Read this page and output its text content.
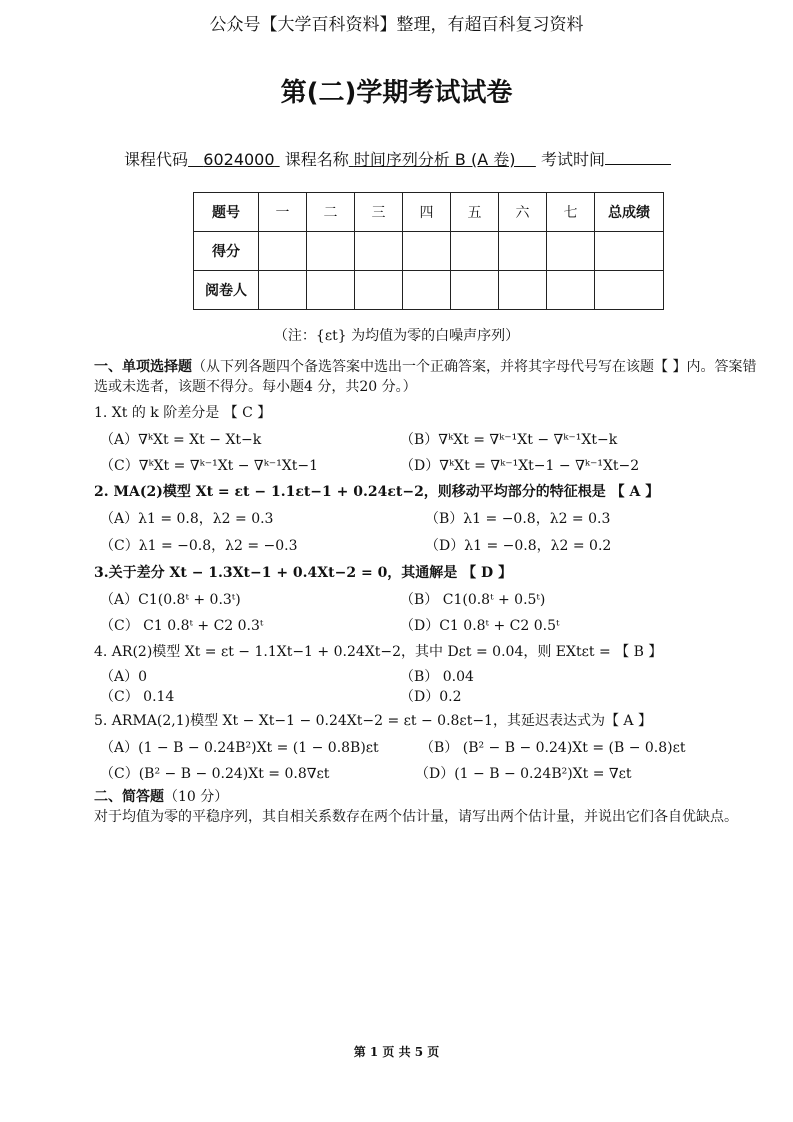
公众号【大学百科资料】整理，有超百科复习资料
第(二)学期考试试卷
课程代码 6024000 课程名称 时间序列分析 B (A 卷) 考试时间
题号	一	二	三	四	五	六	七	总成绩
得分								
阅卷人								
（注：{εt} 为均值为零的白噪声序列）
一、单项选择题（从下列各题四个备选答案中选出一个正确答案，并将其字母代号写在该题【 】内。答案错选或未选者，该题不得分。每小题4 分，共20 分。）
1. Xt 的 k 阶差分是 【 C 】
（A）∇ᵏXt = Xt − Xt−k	（B）∇ᵏXt = ∇ᵏ⁻¹Xt − ∇ᵏ⁻¹Xt−k
（C）∇ᵏXt = ∇ᵏ⁻¹Xt − ∇ᵏ⁻¹Xt−1	（D）∇ᵏXt = ∇ᵏ⁻¹Xt−1 − ∇ᵏ⁻¹Xt−2
2. MA(2)模型 Xt = εt − 1.1εt−1 + 0.24εt−2，则移动平均部分的特征根是 【 A 】
（A）λ1 = 0.8，λ2 = 0.3	（B）λ1 = −0.8，λ2 = 0.3
（C）λ1 = −0.8，λ2 = −0.3	（D）λ1 = −0.8，λ2 = 0.2
3.关于差分 Xt − 1.3Xt−1 + 0.4Xt−2 = 0，其通解是 【 D 】
（A）C1(0.8ᵗ + 0.3ᵗ)	（B） C1(0.8ᵗ + 0.5ᵗ)
（C） C1 0.8ᵗ + C2 0.3ᵗ	（D）C1 0.8ᵗ + C2 0.5ᵗ
4. AR(2)模型 Xt = εt − 1.1Xt−1 + 0.24Xt−2，其中 Dεt = 0.04，则 EXtεt = 【 B 】
（A）0	（B） 0.04
（C） 0.14	（D）0.2
5. ARMA(2,1)模型 Xt − Xt−1 − 0.24Xt−2 = εt − 0.8εt−1，其延迟表达式为【 A 】
（A）(1 − B − 0.24B²)Xt = (1 − 0.8B)εt	（B） (B² − B − 0.24)Xt = (B − 0.8)εt
（C）(B² − B − 0.24)Xt = 0.8∇εt	（D）(1 − B − 0.24B²)Xt = ∇εt
二、简答题（10 分）
对于均值为零的平稳序列，其自相关系数存在两个估计量，请写出两个估计量，并说出它们各自优缺点。
第 1 页 共 5 页
